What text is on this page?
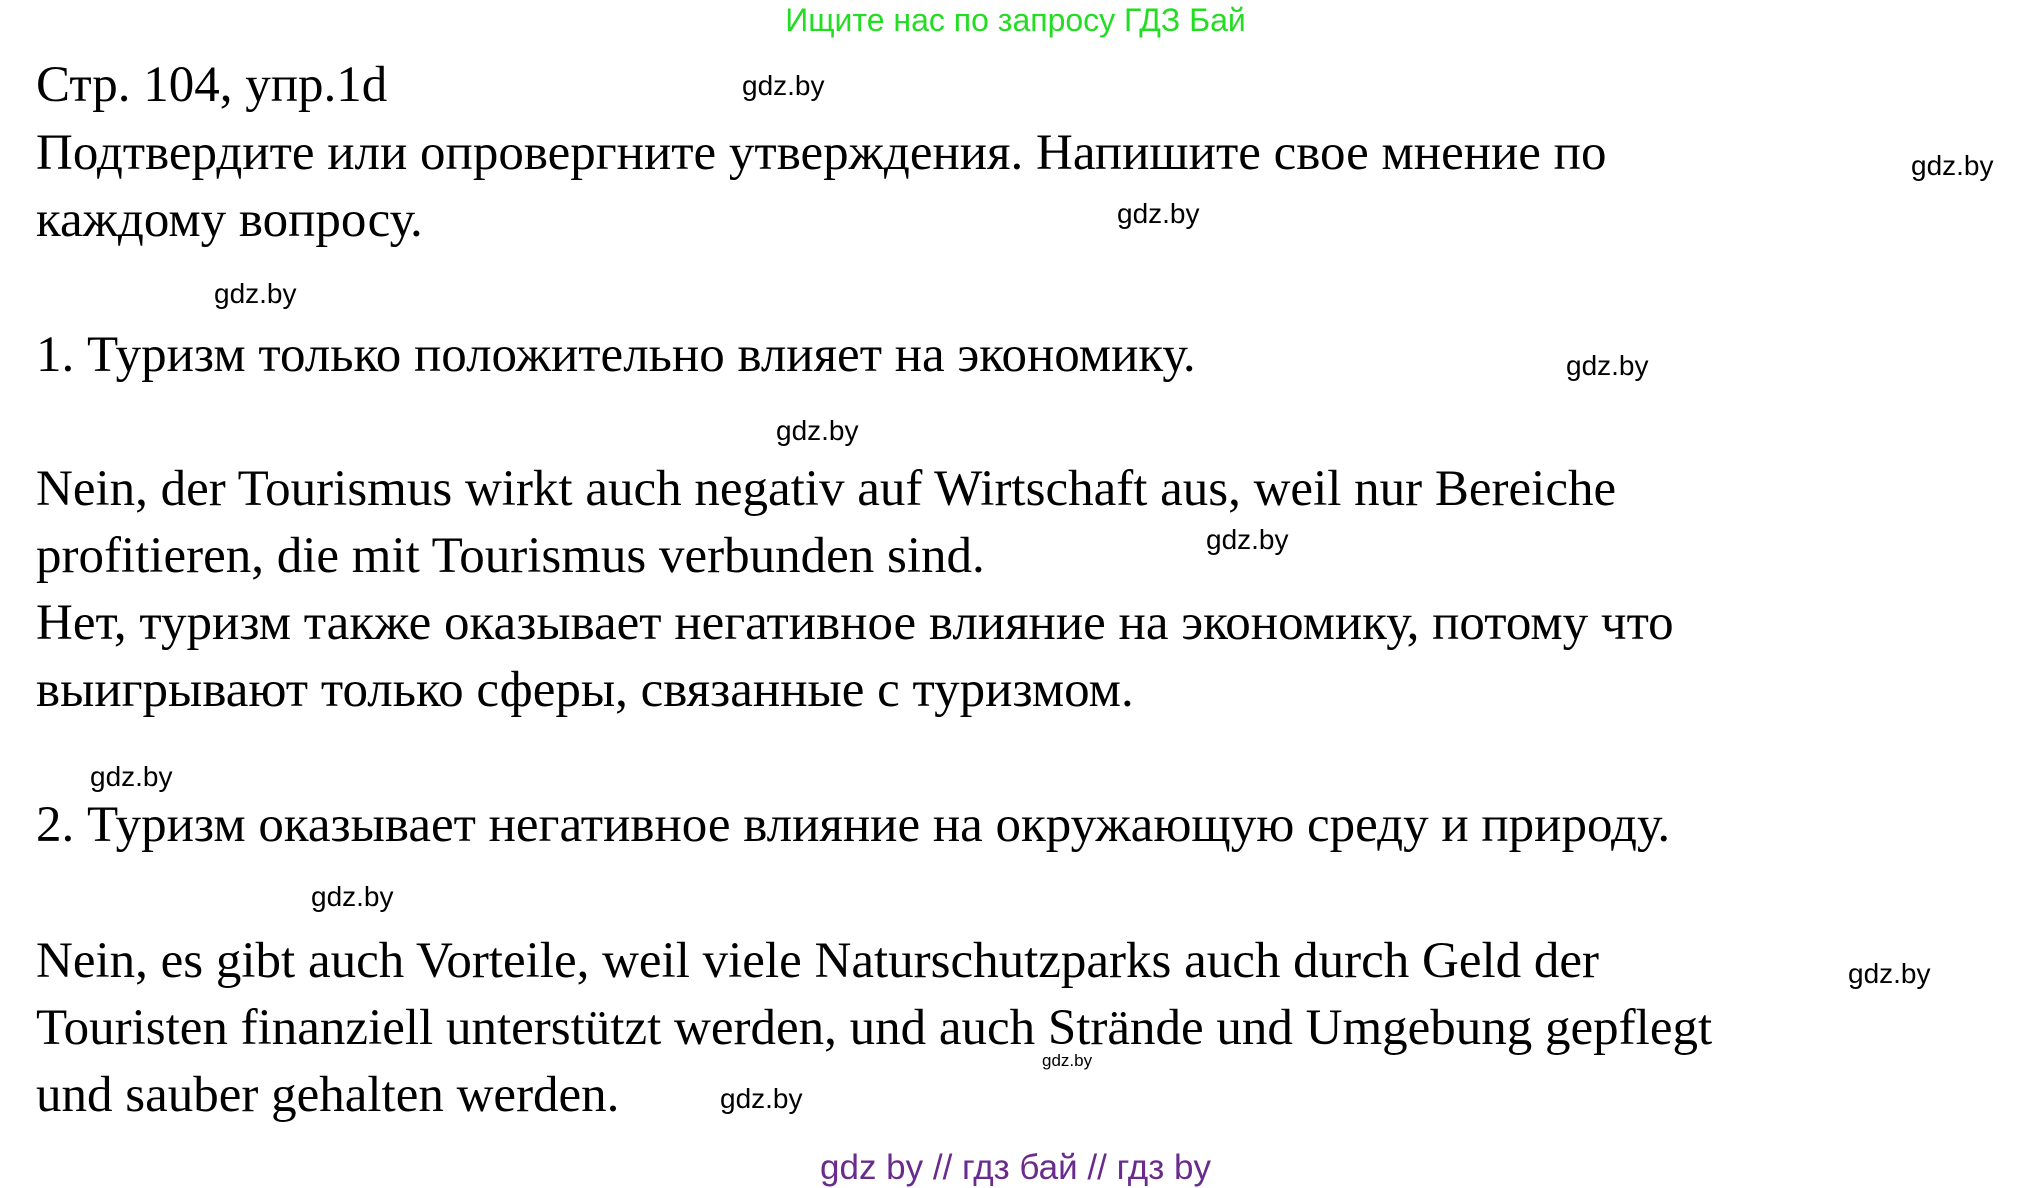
Ищите нас по запросу ГДЗ Бай
Стр. 104, упр.1d
Подтвердите или опровергните утверждения. Напишите свое мнение по
каждому вопросу.
1. Туризм только положительно влияет на экономику.
Nein, der Tourismus wirkt auch negativ auf Wirtschaft aus, weil nur Bereiche
profitieren, die mit Tourismus verbunden sind.
Нет, туризм также оказывает негативное влияние на экономику, потому что
выигрывают только сферы, связанные с туризмом.
2. Туризм оказывает негативное влияние на окружающую среду и природу.
Nein, es gibt auch Vorteile, weil viele Naturschutzparks auch durch Geld der
Touristen finanziell unterstützt werden, und auch Strände und Umgebung gepflegt
und sauber gehalten werden.
gdz.by
gdz.by
gdz.by
gdz.by
gdz.by
gdz.by
gdz.by
gdz.by
gdz.by
gdz.by
gdz.by
gdz.by
gdz by // гдз бай // гдз by
